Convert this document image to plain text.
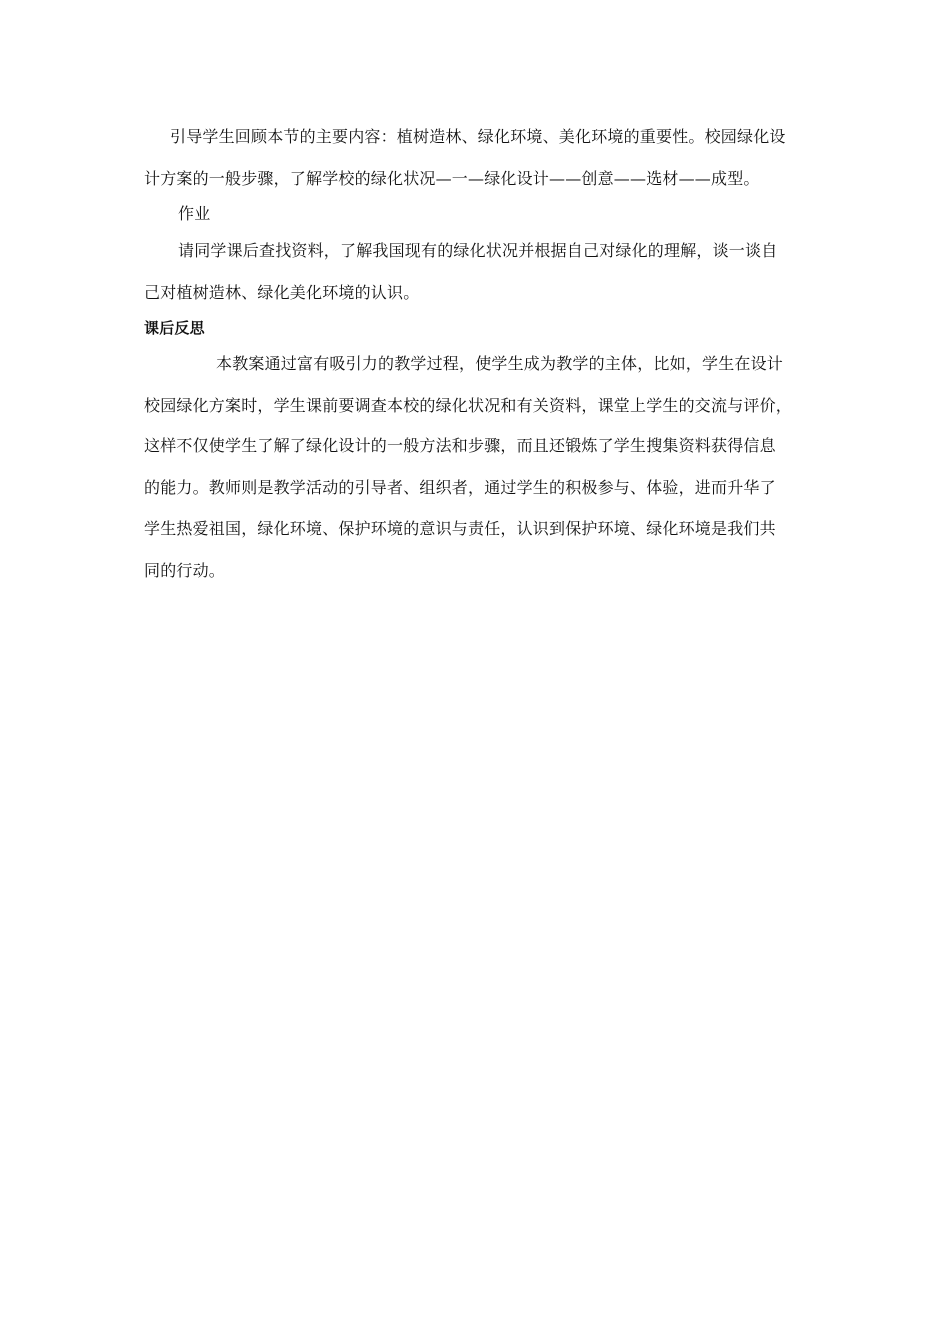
引导学生回顾本节的主要内容：植树造林、绿化环境、美化环境的重要性。校园绿化设
计方案的一般步骤，了解学校的绿化状况—一—绿化设计——创意——选材——成型。
作业
请同学课后查找资料，了解我国现有的绿化状况并根据自己对绿化的理解，谈一谈自
己对植树造林、绿化美化环境的认识。
课后反思
本教案通过富有吸引力的教学过程，使学生成为教学的主体，比如，学生在设计
校园绿化方案时，学生课前要调查本校的绿化状况和有关资料，课堂上学生的交流与评价，
这样不仅使学生了解了绿化设计的一般方法和步骤，而且还锻炼了学生搜集资料获得信息
的能力。教师则是教学活动的引导者、组织者，通过学生的积极参与、体验，进而升华了
学生热爱祖国，绿化环境、保护环境的意识与责任，认识到保护环境、绿化环境是我们共
同的行动。
